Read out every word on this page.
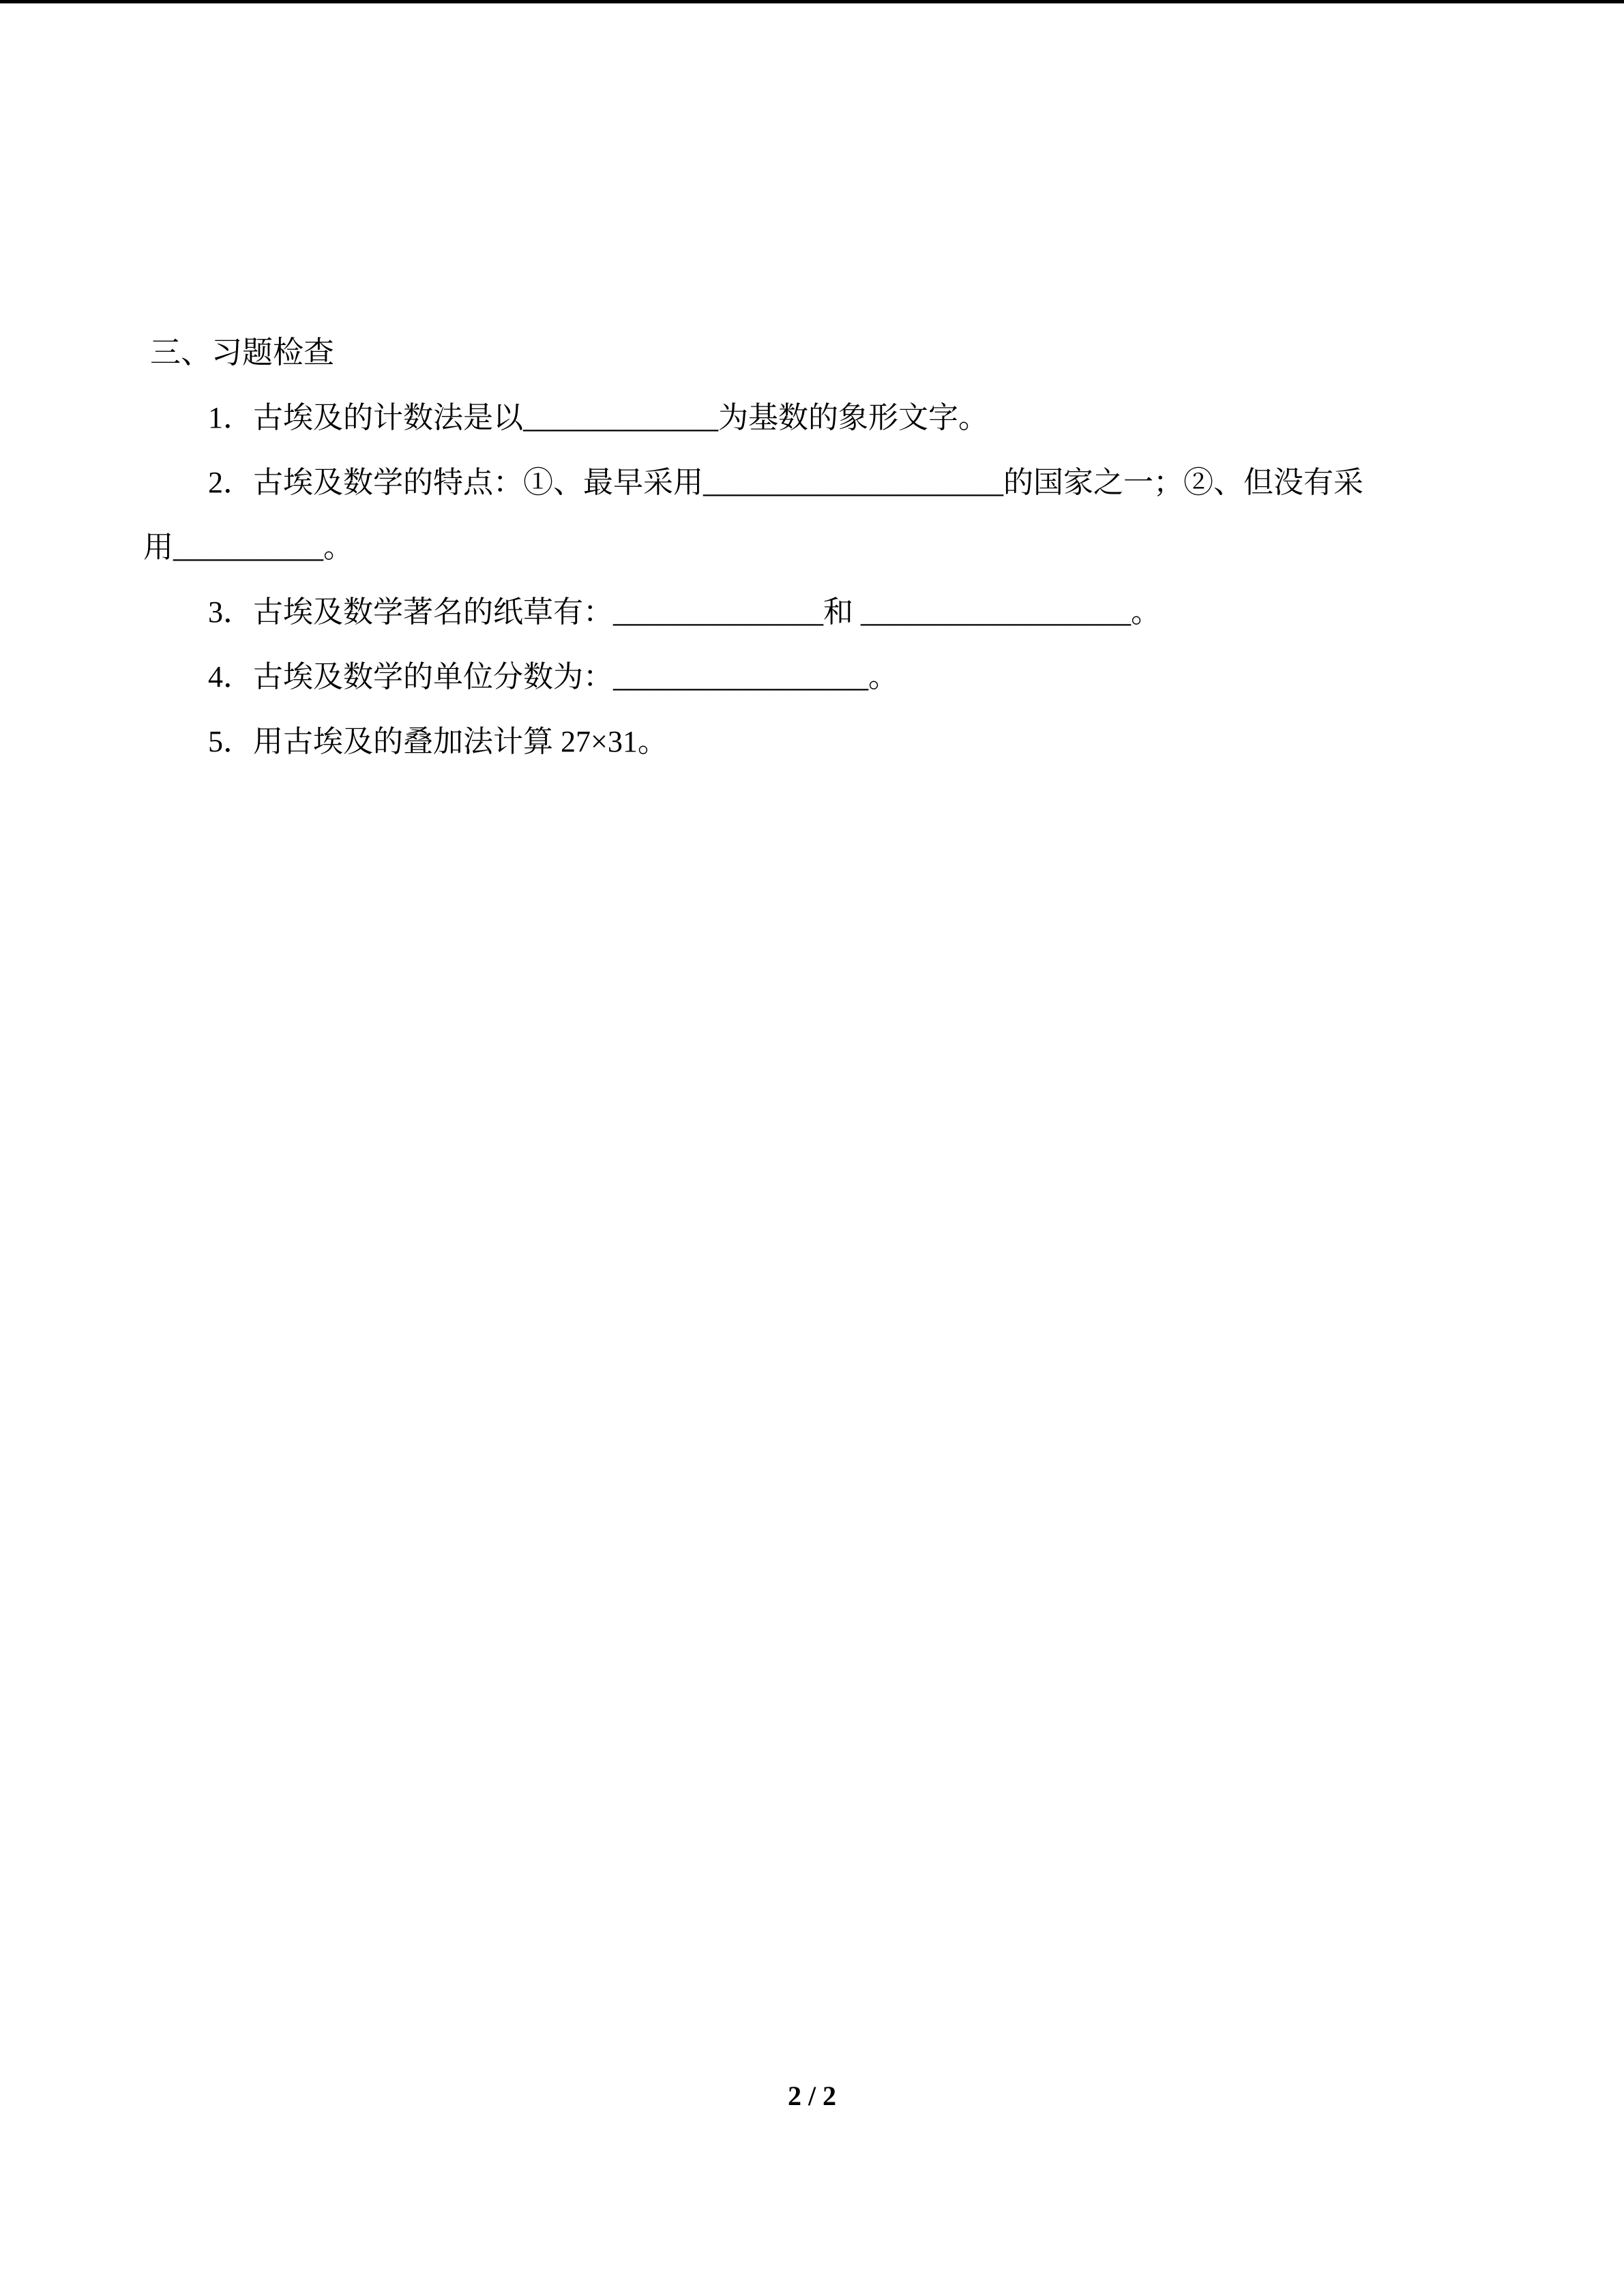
三、习题检查

1．古埃及的计数法是以_____________为基数的象形文字。

2．古埃及数学的特点：①、最早采用____________________的国家之一；②、但没有采
用__________。

3．古埃及数学著名的纸草有：______________和 __________________。

4．古埃及数学的单位分数为：_________________。

5．用古埃及的叠加法计算 27×31。

2 / 2
